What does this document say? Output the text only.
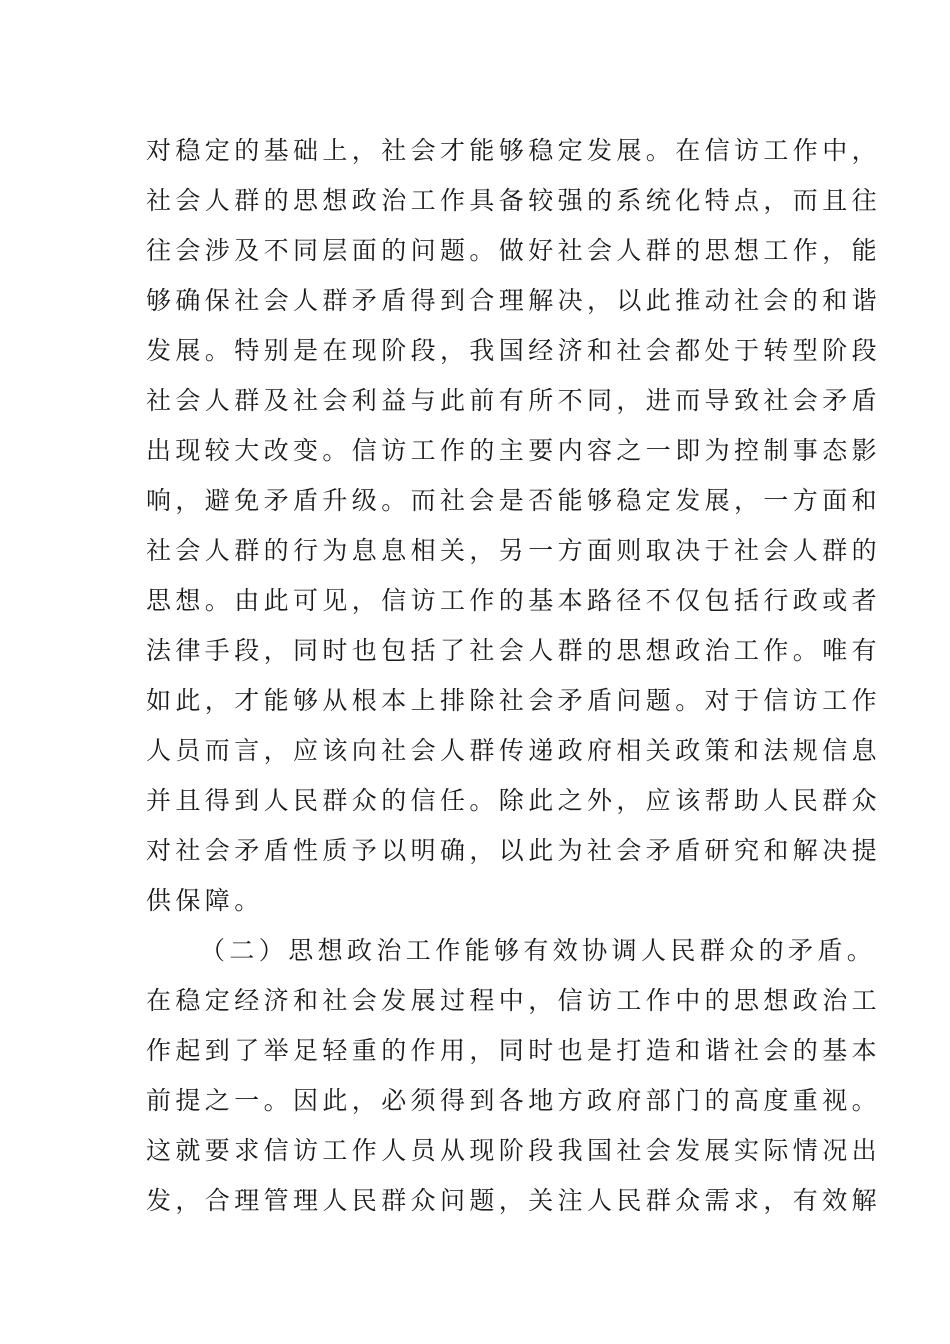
对稳定的基础上，社会才能够稳定发展。在信访工作中，
社会人群的思想政治工作具备较强的系统化特点，而且往
往会涉及不同层面的问题。做好社会人群的思想工作，能
够确保社会人群矛盾得到合理解决，以此推动社会的和谐
发展。特别是在现阶段，我国经济和社会都处于转型阶段
社会人群及社会利益与此前有所不同，进而导致社会矛盾
出现较大改变。信访工作的主要内容之一即为控制事态影
响，避免矛盾升级。而社会是否能够稳定发展，一方面和
社会人群的行为息息相关，另一方面则取决于社会人群的
思想。由此可见，信访工作的基本路径不仅包括行政或者
法律手段，同时也包括了社会人群的思想政治工作。唯有
如此，才能够从根本上排除社会矛盾问题。对于信访工作
人员而言，应该向社会人群传递政府相关政策和法规信息
并且得到人民群众的信任。除此之外，应该帮助人民群众
对社会矛盾性质予以明确，以此为社会矛盾研究和解决提
供保障。
（二）思想政治工作能够有效协调人民群众的矛盾。
在稳定经济和社会发展过程中，信访工作中的思想政治工
作起到了举足轻重的作用，同时也是打造和谐社会的基本
前提之一。因此，必须得到各地方政府部门的高度重视。
这就要求信访工作人员从现阶段我国社会发展实际情况出
发，合理管理人民群众问题，关注人民群众需求，有效解
